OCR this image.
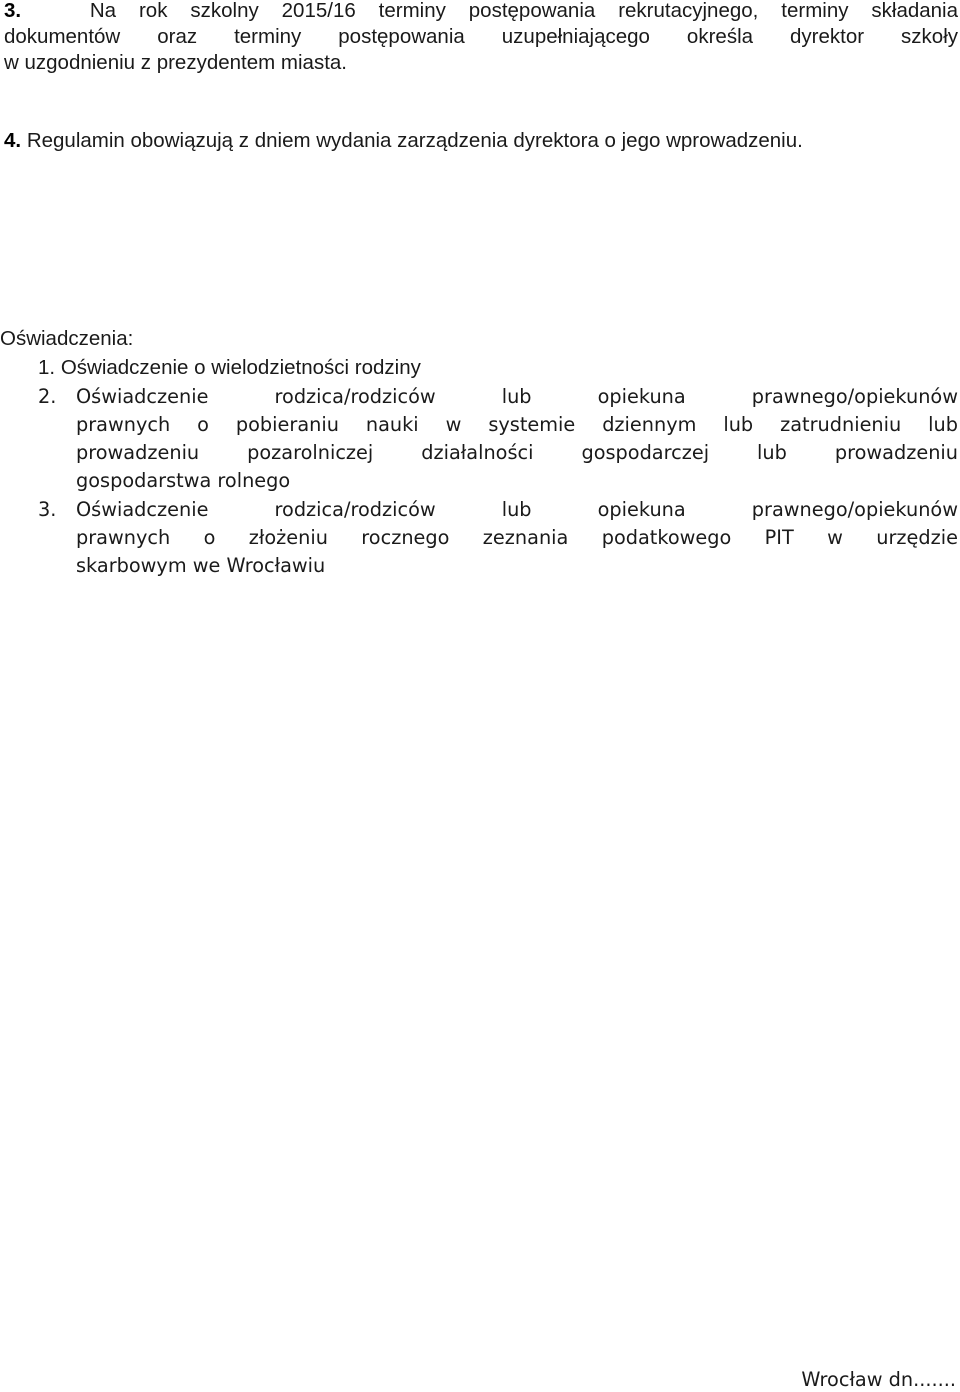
3.	Na rok szkolny 2015/16 terminy postępowania rekrutacyjnego, terminy składania
dokumentów oraz terminy postępowania uzupełniającego określa dyrektor szkoły
w uzgodnieniu z prezydentem miasta.
4. Regulamin obowiązują z dniem wydania zarządzenia dyrektora o jego wprowadzeniu.
Oświadczenia:
1. Oświadczenie o wielodzietności rodziny
2. Oświadczenie rodzica/rodziców lub opiekuna prawnego/opiekunów
prawnych o pobieraniu nauki w systemie dziennym lub zatrudnieniu lub
prowadzeniu pozarolniczej działalności gospodarczej lub prowadzeniu
gospodarstwa rolnego
3. Oświadczenie rodzica/rodziców lub opiekuna prawnego/opiekunów
prawnych o złożeniu rocznego zeznania podatkowego PIT w urzędzie
skarbowym we Wrocławiu
Wrocław dn.......
